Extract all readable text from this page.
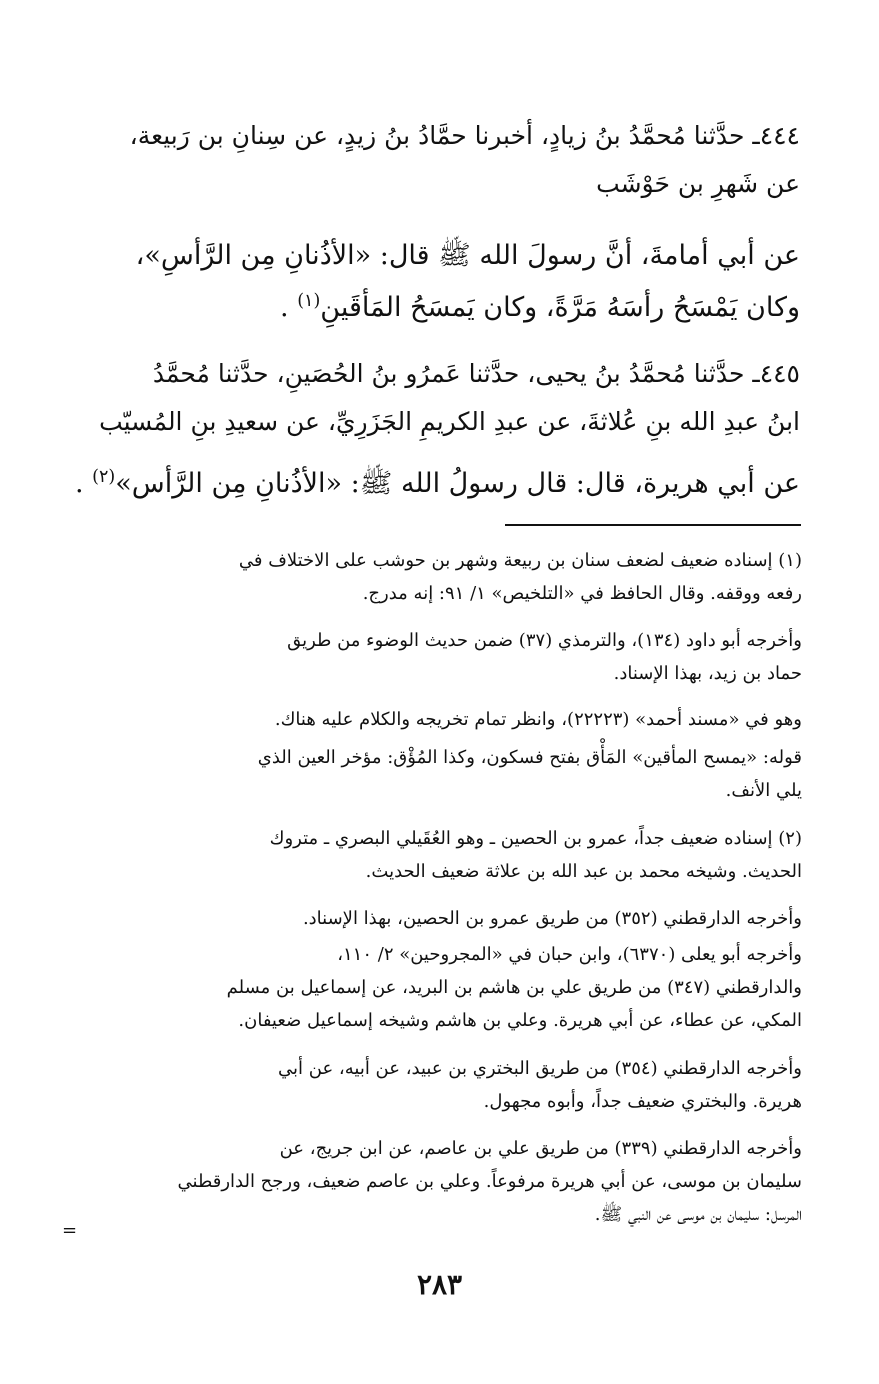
٤٤٤ـ حدَّثنا مُحمَّدُ بنُ زيادٍ، أخبرنا حمَّادُ بنُ زيدٍ، عن سِنانِ بن رَبيعة،
عن شَهرِ بن حَوْشَب

عن أبي أمامةَ، أنَّ رسولَ الله ﷺ قال: «الأذُنانِ مِن الرَّأسِ»،
وكان يَمْسَحُ رأسَهُ مَرَّةً، وكان يَمسَحُ المَأقَينِ$^{(١)}$ .

٤٤٥ـ حدَّثنا مُحمَّدُ بنُ يحيى، حدَّثنا عَمرُو بنُ الحُصَينِ، حدَّثنا مُحمَّدُ
ابنُ عبدِ الله بنِ عُلاثةَ، عن عبدِ الكريمِ الجَزَرِيِّ، عن سعيدِ بنِ المُسيّب

عن أبي هريرة، قال: قال رسولُ الله ﷺ: «الأذُنانِ مِن الرَّأس»$^{(٢)}$ .

(١) إسناده ضعيف لضعف سنان بن ربيعة وشهر بن حوشب على الاختلاف في
رفعه ووقفه. وقال الحافظ في «التلخيص» ١/ ٩١: إنه مدرج.

وأخرجه أبو داود (١٣٤)، والترمذي (٣٧) ضمن حديث الوضوء من طريق
حماد بن زيد، بهذا الإسناد.

وهو في «مسند أحمد» (٢٢٢٢٣)، وانظر تمام تخريجه والكلام عليه هناك.

قوله: «يمسح المأقين» المَأْق بفتح فسكون، وكذا المُؤْق: مؤخر العين الذي
يلي الأنف.

(٢) إسناده ضعيف جداً، عمرو بن الحصين ـ وهو العُقَيلي البصري ـ متروك
الحديث. وشيخه محمد بن عبد الله بن علاثة ضعيف الحديث.

وأخرجه الدارقطني (٣٥٢) من طريق عمرو بن الحصين، بهذا الإسناد.

وأخرجه أبو يعلى (٦٣٧٠)، وابن حبان في «المجروحين» ٢/ ١١٠،
والدارقطني (٣٤٧) من طريق علي بن هاشم بن البريد، عن إسماعيل بن مسلم
المكي، عن عطاء، عن أبي هريرة. وعلي بن هاشم وشيخه إسماعيل ضعيفان.

وأخرجه الدارقطني (٣٥٤) من طريق البختري بن عبيد، عن أبيه، عن أبي
هريرة. والبختري ضعيف جداً، وأبوه مجهول.

وأخرجه الدارقطني (٣٣٩) من طريق علي بن عاصم، عن ابن جريج، عن
سليمان بن موسى، عن أبي هريرة مرفوعاً. وعلي بن عاصم ضعيف، ورجح الدارقطني
المرسل: سليمان بن موسى عن النبي ﷺ.

=
٢٨٣
